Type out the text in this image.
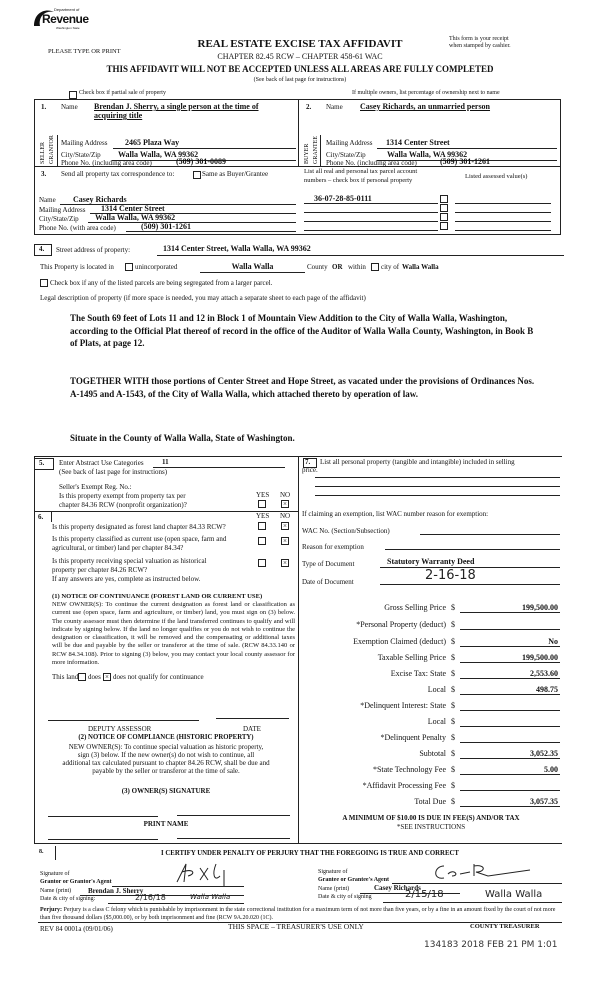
Department of
Revenue
Washington State
PLEASE TYPE OR PRINT
REAL ESTATE EXCISE TAX AFFIDAVIT
CHAPTER 82.45 RCW – CHAPTER 458-61 WAC
THIS AFFIDAVIT WILL NOT BE ACCEPTED UNLESS ALL AREAS ARE FULLY COMPLETED
(See back of last page for instructions)
This form is your receipt
when stamped by cashier.
Check box if partial sale of property	If multiple owners, list percentage of ownership next to name
SELLER GRANTOR	BUYER GRANTEE
1. Name Brendan J. Sherry, a single person at the time of
acquiring title
Mailing Address 2465 Plaza Way
City/State/Zip Walla Walla, WA 99362
Phone No. (including area code)	(509) 301-0089
2. Name Casey Richards, an unmarried person
Mailing Address 1314 Center Street
City/State/Zip	Walla Walla, WA 99362
Phone No. (including area code)	(509) 301-1261
3. Send all property tax correspondence to:	Same as Buyer/Grantee
Name Casey Richards
Mailing Address 1314 Center Street
City/State/Zip Walla Walla, WA 99362
Phone No. (with area code)	(509) 301-1261
List all real and personal tax parcel account
numbers – check box if personal property
Listed assessed value(s)
36-07-28-85-0111
4. Street address of property:	1314 Center Street, Walla Walla, WA 99362
This Property is located in	unincorporated	Walla Walla	County OR within city of Walla Walla
Check box if any of the listed parcels are being segregated from a larger parcel.
Legal description of property (if more space is needed, you may attach a separate sheet to each page of the affidavit)
The South 69 feet of Lots 11 and 12 in Block 1 of Mountain View Addition to the City of Walla Walla, Washington, according to the Official Plat thereof of record in the office of the Auditor of Walla Walla County, Washington, in Book B of Plats, at page 12.
TOGETHER WITH those portions of Center Street and Hope Street, as vacated under the provisions of Ordinances Nos. A-1495 and A-1543, of the City of Walla Walla, which attached thereto by operation of law.
Situate in the County of Walla Walla, State of Washington.
5. Enter Abstract Use Categories	11
(See back of last page for instructions)
Seller's Exempt Reg. No.:
Is this property exempt from property tax per
chapter 84.36 RCW (nonprofit organization)?
YES NO
×
6.	YES NO
Is this property designated as forest land chapter 84.33 RCW?	×
Is this property classified as current use (open space, farm and
agricultural, or timber) land per chapter 84.34?
×
Is this property receiving special valuation as historical
property per chapter 84.26 RCW?
×
If any answers are yes, complete as instructed below.
(1) NOTICE OF CONTINUANCE (FOREST LAND OR CURRENT USE)
NEW OWNER(S): To continue the current designation as forest land or classification as current use (open space, farm and agriculture, or timber) land, you must sign on (3) below. The county assessor must then determine if the land transferred continues to qualify and will indicate by signing below. If the land no longer qualifies or you do not wish to continue the designation or classification, it will be removed and the compensating or additional taxes will be due and payable by the seller or transferor at the time of sale. (RCW 84.33.140 or RCW 84.34.108). Prior to signing (3) below, you may contact your local county assessor for more information.
This land does × does not qualify for continuance
DEPUTY ASSESSOR	DATE
(2) NOTICE OF COMPLIANCE (HISTORIC PROPERTY)
NEW OWNER(S): To continue special valuation as historic property,
sign (3) below. If the new owner(s) do not wish to continue, all
additional tax calculated pursuant to chapter 84.26 RCW, shall be due and
payable by the seller or transferor at the time of sale.
(3) OWNER(S) SIGNATURE
PRINT NAME
7. List all personal property (tangible and intangible) included in selling
price.
If claiming an exemption, list WAC number reason for exemption:
WAC No. (Section/Subsection)
Reason for exemption
Type of Document	Statutory Warranty Deed
Date of Document	2-16-18
Gross Selling Price $	199,500.00
*Personal Property (deduct) $
Exemption Claimed (deduct) $	No
Taxable Selling Price $	199,500.00
Excise Tax: State $	2,553.60
Local $	498.75
*Delinquent Interest: State $
Local $
*Delinquent Penalty $
Subtotal $	3,052.35
*State Technology Fee $	5.00
*Affidavit Processing Fee $
Total Due $	3,057.35
A MINIMUM OF $10.00 IS DUE IN FEE(S) AND/OR TAX
*SEE INSTRUCTIONS
8.	I CERTIFY UNDER PENALTY OF PERJURY THAT THE FOREGOING IS TRUE AND CORRECT
Signature of
Grantor or Grantor's Agent
Name (print) Brendan J. Sherry
Date & city of signing:	2/16/18	Walla Walla
Signature of
Grantee or Grantee's Agent
Name (print)	Casey Richards
Date & city of signing	2/15/18	Walla Walla
Perjury: Perjury is a class C felony which is punishable by imprisonment in the state correctional institution for a maximum term of not more than five years, or by a fine in an amount fixed by the court of not more than five thousand dollars ($5,000.00), or by both imprisonment and fine (RCW 9A.20.020 (1C).
REV 84 0001a (09/01/06)	THIS SPACE – TREASURER'S USE ONLY	COUNTY TREASURER
134183 2018 FEB 21 PM 1:01
